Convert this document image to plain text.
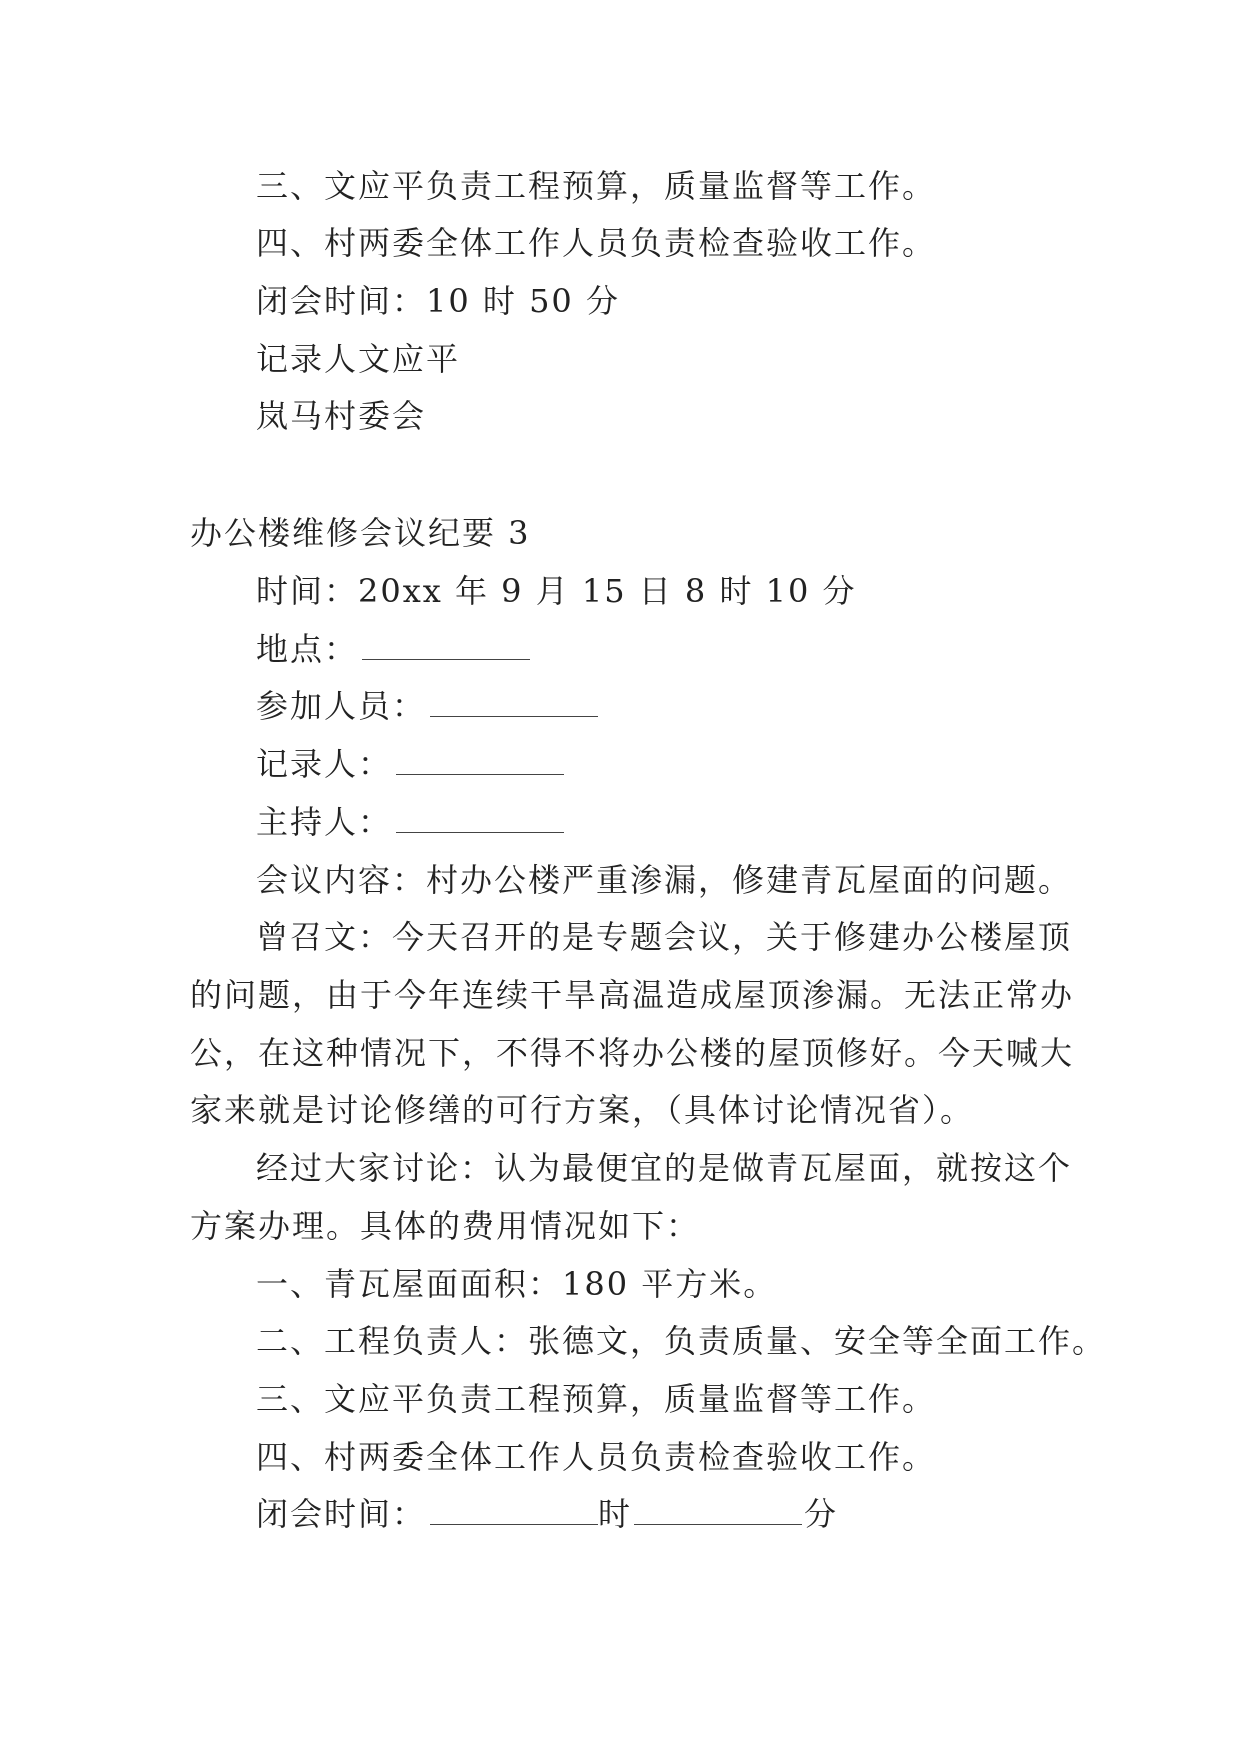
三、文应平负责工程预算，质量监督等工作。
四、村两委全体工作人员负责检查验收工作。
闭会时间：10 时 50 分
记录人文应平
岚马村委会
办公楼维修会议纪要 3
时间：20xx 年 9 月 15 日 8 时 10 分
地点：
参加人员：
记录人：
主持人：
会议内容：村办公楼严重渗漏，修建青瓦屋面的问题。
曾召文：今天召开的是专题会议，关于修建办公楼屋顶
的问题，由于今年连续干旱高温造成屋顶渗漏。无法正常办
公，在这种情况下，不得不将办公楼的屋顶修好。今天喊大
家来就是讨论修缮的可行方案，（具体讨论情况省）。
经过大家讨论：认为最便宜的是做青瓦屋面，就按这个
方案办理。具体的费用情况如下：
一、青瓦屋面面积：180 平方米。
二、工程负责人：张德文，负责质量、安全等全面工作。
三、文应平负责工程预算，质量监督等工作。
四、村两委全体工作人员负责检查验收工作。
闭会时间：	时	分
